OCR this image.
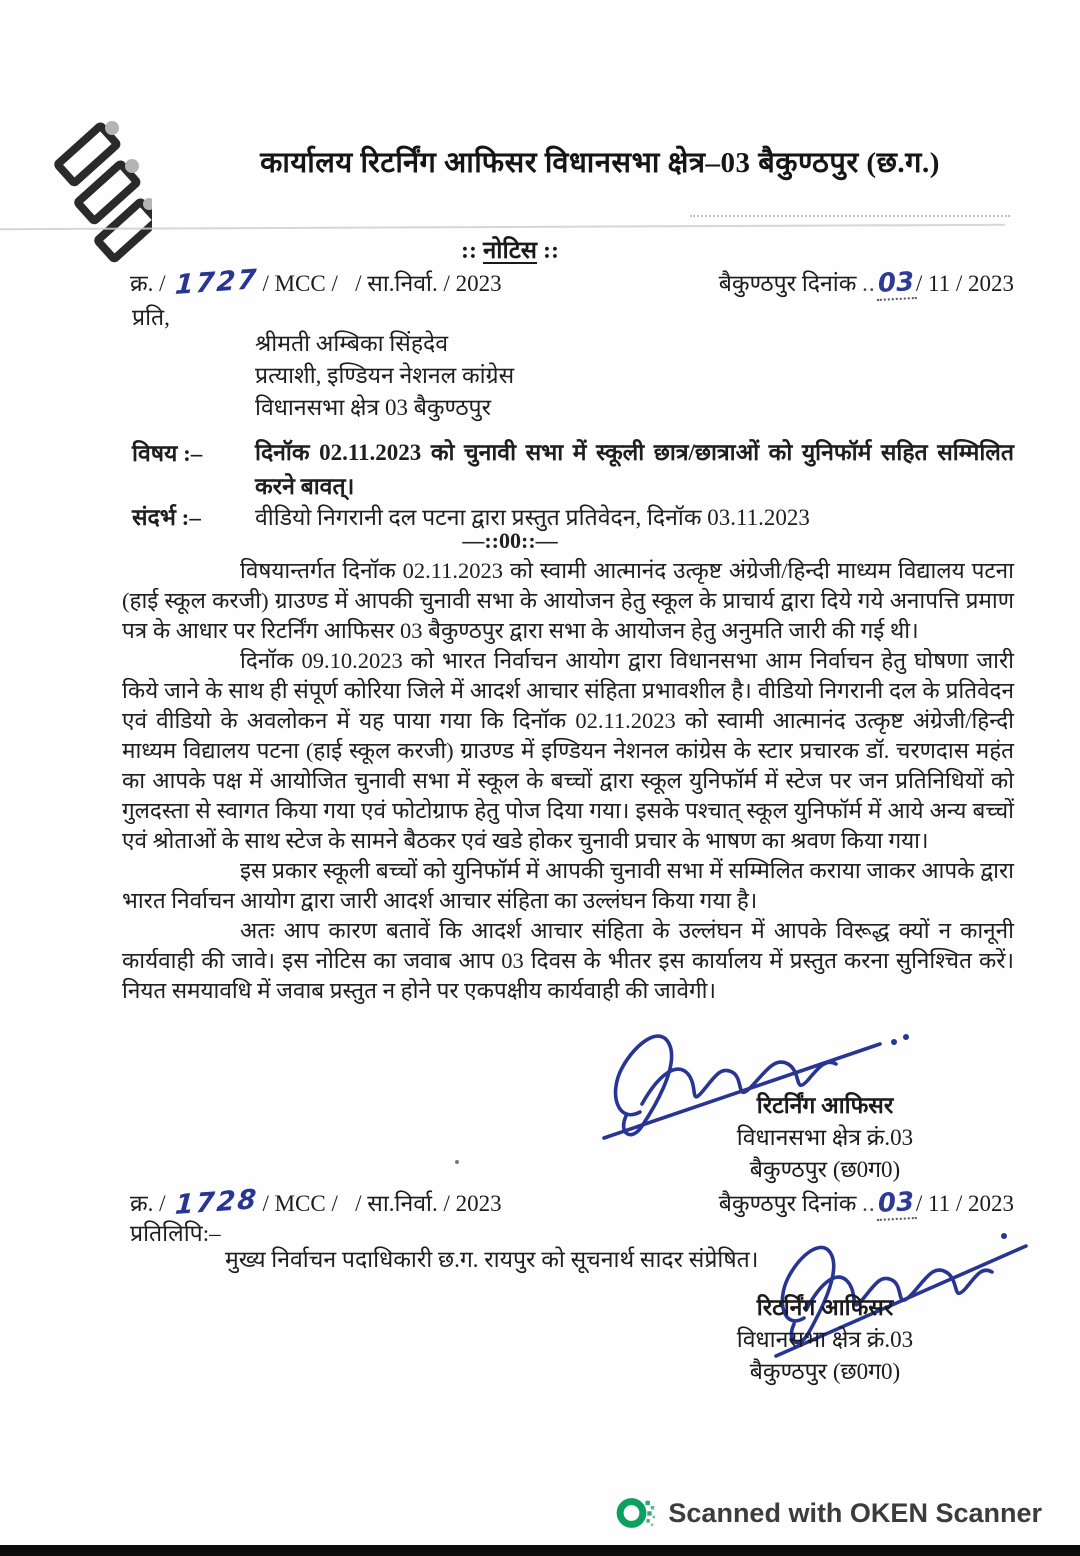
कार्यालय रिटर्निंग आफिसर विधानसभा क्षेत्र–03 बैकुण्ठपुर (छ.ग.)
:: नोटिस ::
क्र. / 1727 / MCC /   / सा.निर्वा. / 2023	बैकुण्ठपुर दिनांक ..03/ 11 / 2023
प्रति,
श्रीमती अम्बिका सिंहदेव
प्रत्याशी, इण्डियन नेशनल कांग्रेस
विधानसभा क्षेत्र 03 बैकुण्ठपुर
विषय :–	दिनॉक 02.11.2023 को चुनावी सभा में स्कूली छात्र/छात्राओं को युनिफॉर्म सहित सम्मिलित करने बावत्।
संदर्भ :–	वीडियो निगरानी दल पटना द्वारा प्रस्तुत प्रतिवेदन, दिनॉक 03.11.2023
––::00::––

विषयान्तर्गत दिनॉक 02.11.2023 को स्वामी आत्मानंद उत्कृष्ट अंग्रेजी/हिन्दी माध्यम विद्यालय पटना (हाई स्कूल करजी) ग्राउण्ड में आपकी चुनावी सभा के आयोजन हेतु स्कूल के प्राचार्य द्वारा दिये गये अनापत्ति प्रमाण पत्र के आधार पर रिटर्निंग आफिसर 03 बैकुण्ठपुर द्वारा सभा के आयोजन हेतु अनुमति जारी की गई थी।

दिनॉक 09.10.2023 को भारत निर्वाचन आयोग द्वारा विधानसभा आम निर्वाचन हेतु घोषणा जारी किये जाने के साथ ही संपूर्ण कोरिया जिले में आदर्श आचार संहिता प्रभावशील है। वीडियो निगरानी दल के प्रतिवेदन एवं वीडियो के अवलोकन में यह पाया गया कि दिनॉक 02.11.2023 को स्वामी आत्मानंद उत्कृष्ट अंग्रेजी/हिन्दी माध्यम विद्यालय पटना (हाई स्कूल करजी) ग्राउण्ड में इण्डियन नेशनल कांग्रेस के स्टार प्रचारक डॉ. चरणदास महंत का आपके पक्ष में आयोजित चुनावी सभा में स्कूल के बच्चों द्वारा स्कूल युनिफॉर्म में स्टेज पर जन प्रतिनिधियों को गुलदस्ता से स्वागत किया गया एवं फोटोग्राफ हेतु पोज दिया गया। इसके पश्चात् स्कूल युनिफॉर्म में आये अन्य बच्चों एवं श्रोताओं के साथ स्टेज के सामने बैठकर एवं खडे होकर चुनावी प्रचार के भाषण का श्रवण किया गया।

इस प्रकार स्कूली बच्चों को युनिफॉर्म में आपकी चुनावी सभा में सम्मिलित कराया जाकर आपके द्वारा भारत निर्वाचन आयोग द्वारा जारी आदर्श आचार संहिता का उल्लंघन किया गया है।

अतः आप कारण बतावें कि आदर्श आचार संहिता के उल्लंघन में आपके विरूद्ध क्यों न कानूनी कार्यवाही की जावे। इस नोटिस का जवाब आप 03 दिवस के भीतर इस कार्यालय में प्रस्तुत करना सुनिश्चित करें। नियत समयावधि में जवाब प्रस्तुत न होने पर एकपक्षीय कार्यवाही की जावेगी।

रिटर्निंग आफिसर
विधानसभा क्षेत्र क्रं.03
बैकुण्ठपुर (छ0ग0)
क्र. / 1728 / MCC /   / सा.निर्वा. / 2023	बैकुण्ठपुर दिनांक ..03/ 11 / 2023
प्रतिलिपि:–
मुख्य निर्वाचन पदाधिकारी छ.ग. रायपुर को सूचनार्थ सादर संप्रेषित।
रिटर्निंग आफिसर
विधानसभा क्षेत्र क्रं.03
बैकुण्ठपुर (छ0ग0)
Scanned with OKEN Scanner
